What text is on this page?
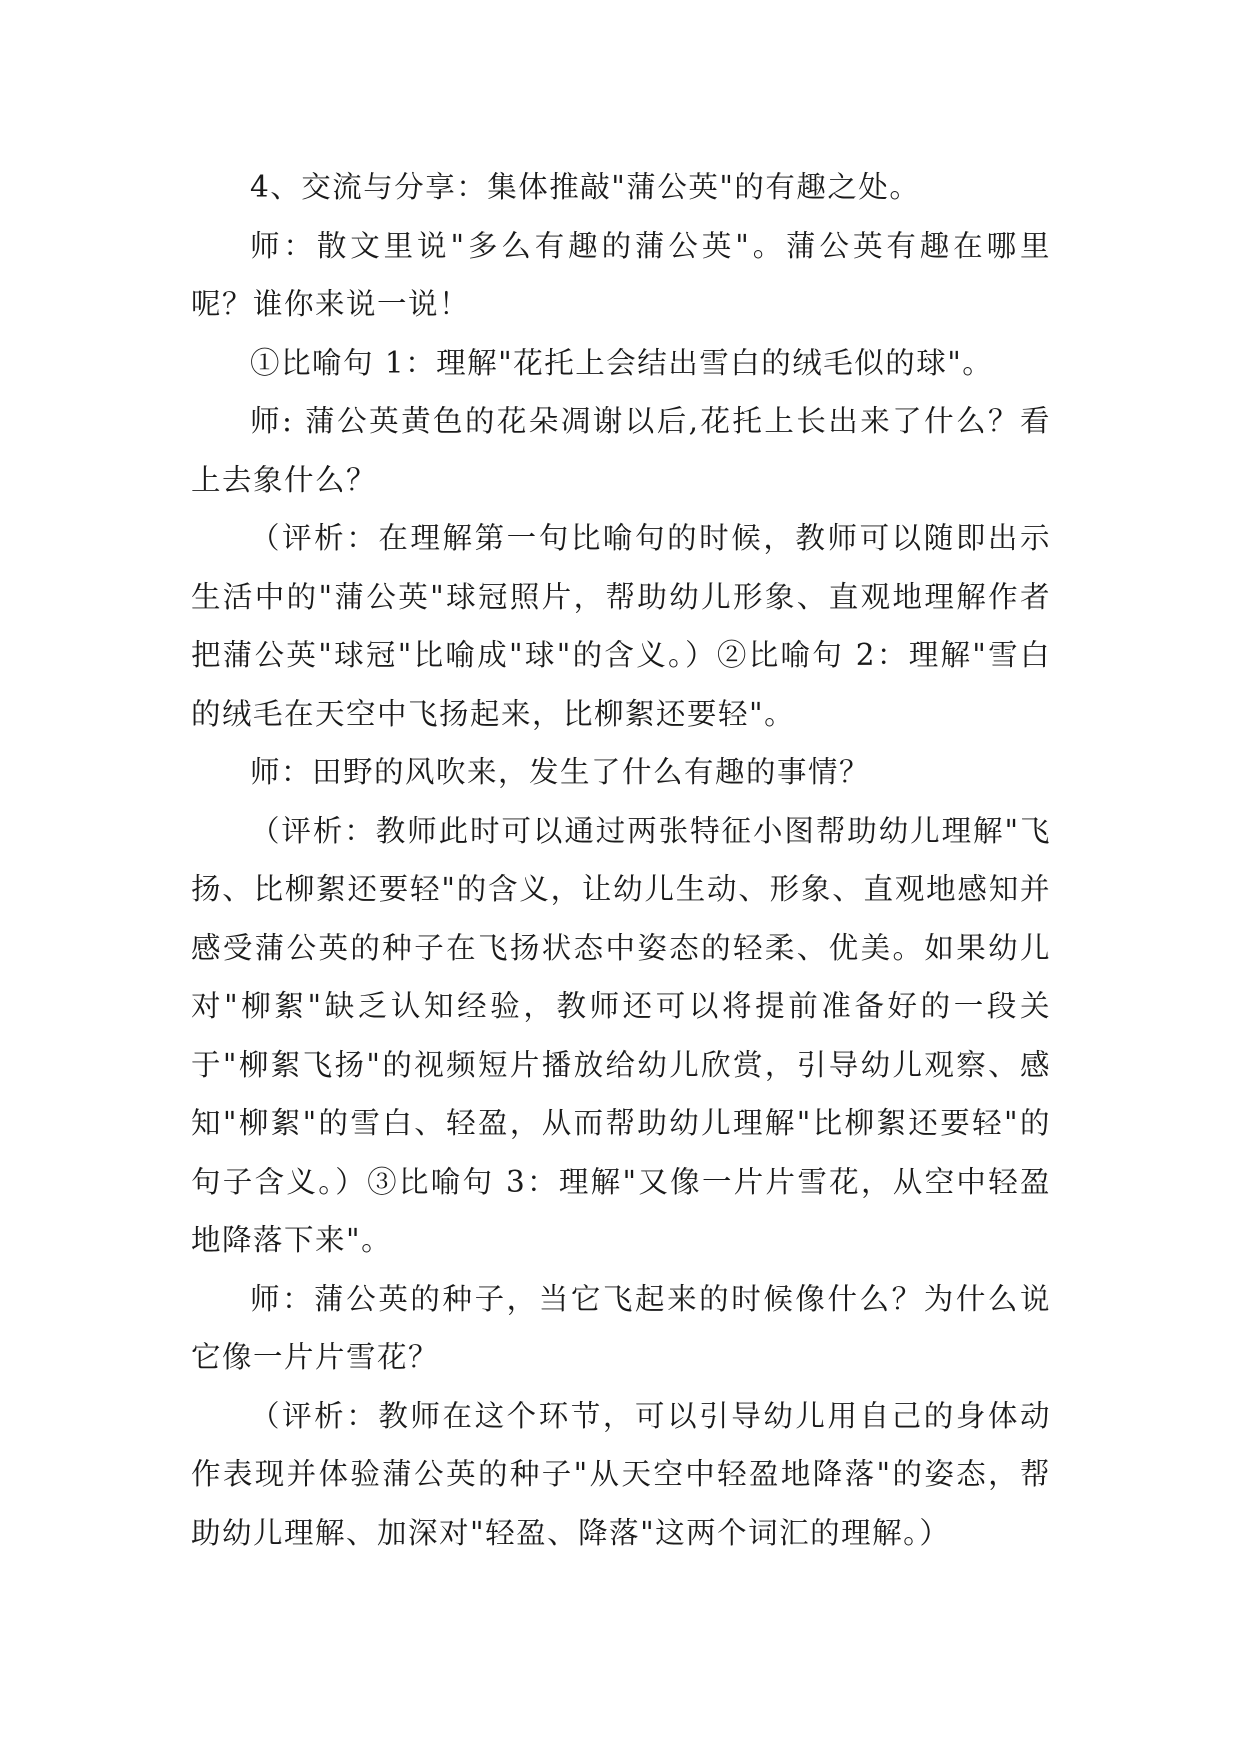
4、交流与分享：集体推敲"蒲公英"的有趣之处。

师：散文里说"多么有趣的蒲公英"。蒲公英有趣在哪里呢？谁你来说一说！

①比喻句 1：理解"花托上会结出雪白的绒毛似的球"。

师: 蒲公英黄色的花朵凋谢以后,花托上长出来了什么？看上去象什么？

（评析：在理解第一句比喻句的时候，教师可以随即出示生活中的"蒲公英"球冠照片，帮助幼儿形象、直观地理解作者把蒲公英"球冠"比喻成"球"的含义。）②比喻句 2：理解"雪白的绒毛在天空中飞扬起来，比柳絮还要轻"。

师：田野的风吹来，发生了什么有趣的事情？

（评析：教师此时可以通过两张特征小图帮助幼儿理解"飞扬、比柳絮还要轻"的含义，让幼儿生动、形象、直观地感知并感受蒲公英的种子在飞扬状态中姿态的轻柔、优美。如果幼儿对"柳絮"缺乏认知经验，教师还可以将提前准备好的一段关于"柳絮飞扬"的视频短片播放给幼儿欣赏，引导幼儿观察、感知"柳絮"的雪白、轻盈，从而帮助幼儿理解"比柳絮还要轻"的句子含义。）③比喻句 3：理解"又像一片片雪花，从空中轻盈地降落下来"。

师：蒲公英的种子，当它飞起来的时候像什么？为什么说它像一片片雪花？

（评析：教师在这个环节，可以引导幼儿用自己的身体动作表现并体验蒲公英的种子"从天空中轻盈地降落"的姿态，帮助幼儿理解、加深对"轻盈、降落"这两个词汇的理解。）
